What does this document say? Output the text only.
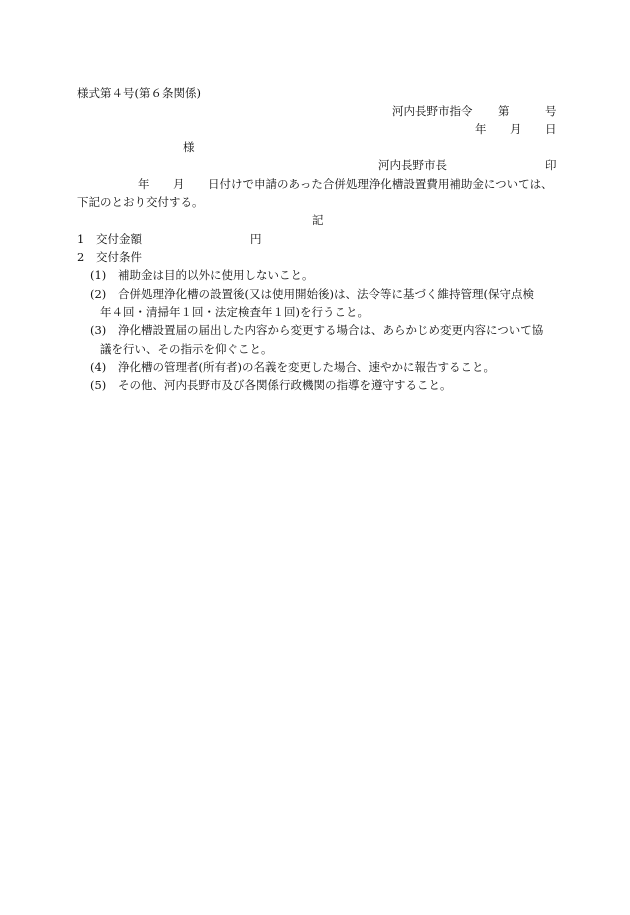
様式第４号(第６条関係)
河内長野市指令 第	号
年 月 日
様
河内長野市長	印
年 月 日付けで申請のあった合併処理浄化槽設置費用補助金については、
下記のとおり交付する。
記
1 交付金額	円
2 交付条件
(1) 補助金は目的以外に使用しないこと。
(2) 合併処理浄化槽の設置後(又は使用開始後)は、法令等に基づく維持管理(保守点検
年４回・清掃年１回・法定検査年１回)を行うこと。
(3) 浄化槽設置届の届出した内容から変更する場合は、あらかじめ変更内容について協
議を行い、その指示を仰ぐこと。
(4) 浄化槽の管理者(所有者)の名義を変更した場合、速やかに報告すること。
(5) その他、河内長野市及び各関係行政機関の指導を遵守すること。
